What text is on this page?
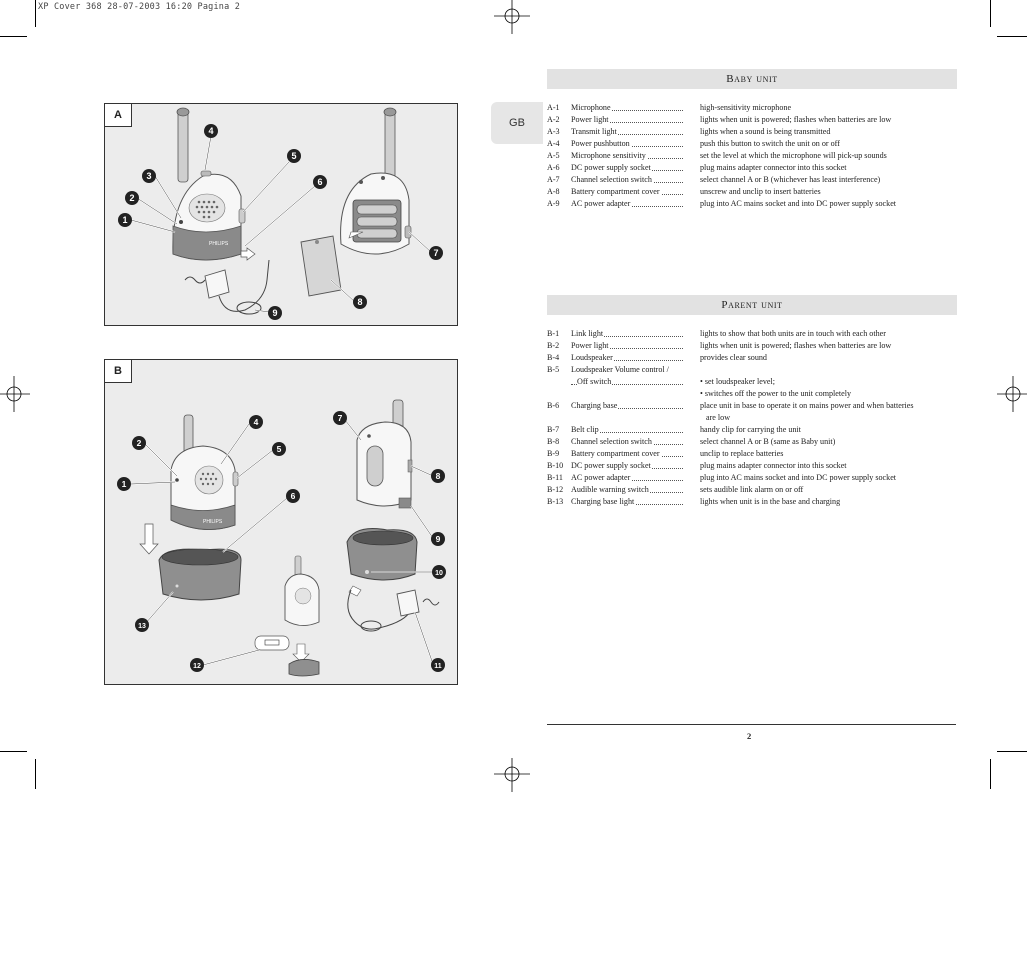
XP Cover 368 28-07-2003 16:20 Pagina 2
PHILIPS
1
2
3
4
5
6
7
8
9
A
PHILIPS
1
2
4
5
6
7
8
9
10
11
12
13
B
GB
Baby unit
A-1	Microphone	high-sensitivity microphone
A-2	Power light	lights when unit is powered; flashes when batteries are low
A-3	Transmit light	lights when a sound is being transmitted
A-4	Power pushbutton	push this button to switch the unit on or off
A-5	Microphone sensitivity	set the level at which the microphone will pick-up sounds
A-6	DC power supply socket	plug mains adapter connector into this socket
A-7	Channel selection switch	select channel A or B (whichever has least interference)
A-8	Battery compartment cover	unscrew and unclip to insert batteries
A-9	AC power adapter	plug into AC mains socket and into DC power supply socket
Parent unit
B-1	Link light	lights to show that both units are in touch with each other
B-2	Power light	lights when unit is powered; flashes when batteries are low
B-4	Loudspeaker	provides clear sound
B-5	Loudspeaker Volume control /
Off switch	• set loudspeaker level;
• switches off the power to the unit completely
B-6	Charging base	place unit in base to operate it on mains power and when batteries
are low
B-7	Belt clip	handy clip for carrying the unit
B-8	Channel selection switch	select channel A or B (same as Baby unit)
B-9	Battery compartment cover	unclip to replace batteries
B-10 DC power supply socket	plug mains adapter connector into this socket
B-11	AC power adapter	plug into AC mains socket and into DC power supply socket
B-12 Audible warning switch	sets audible link alarm on or off
B-13 Charging base light	lights when unit is in the base and charging
2
